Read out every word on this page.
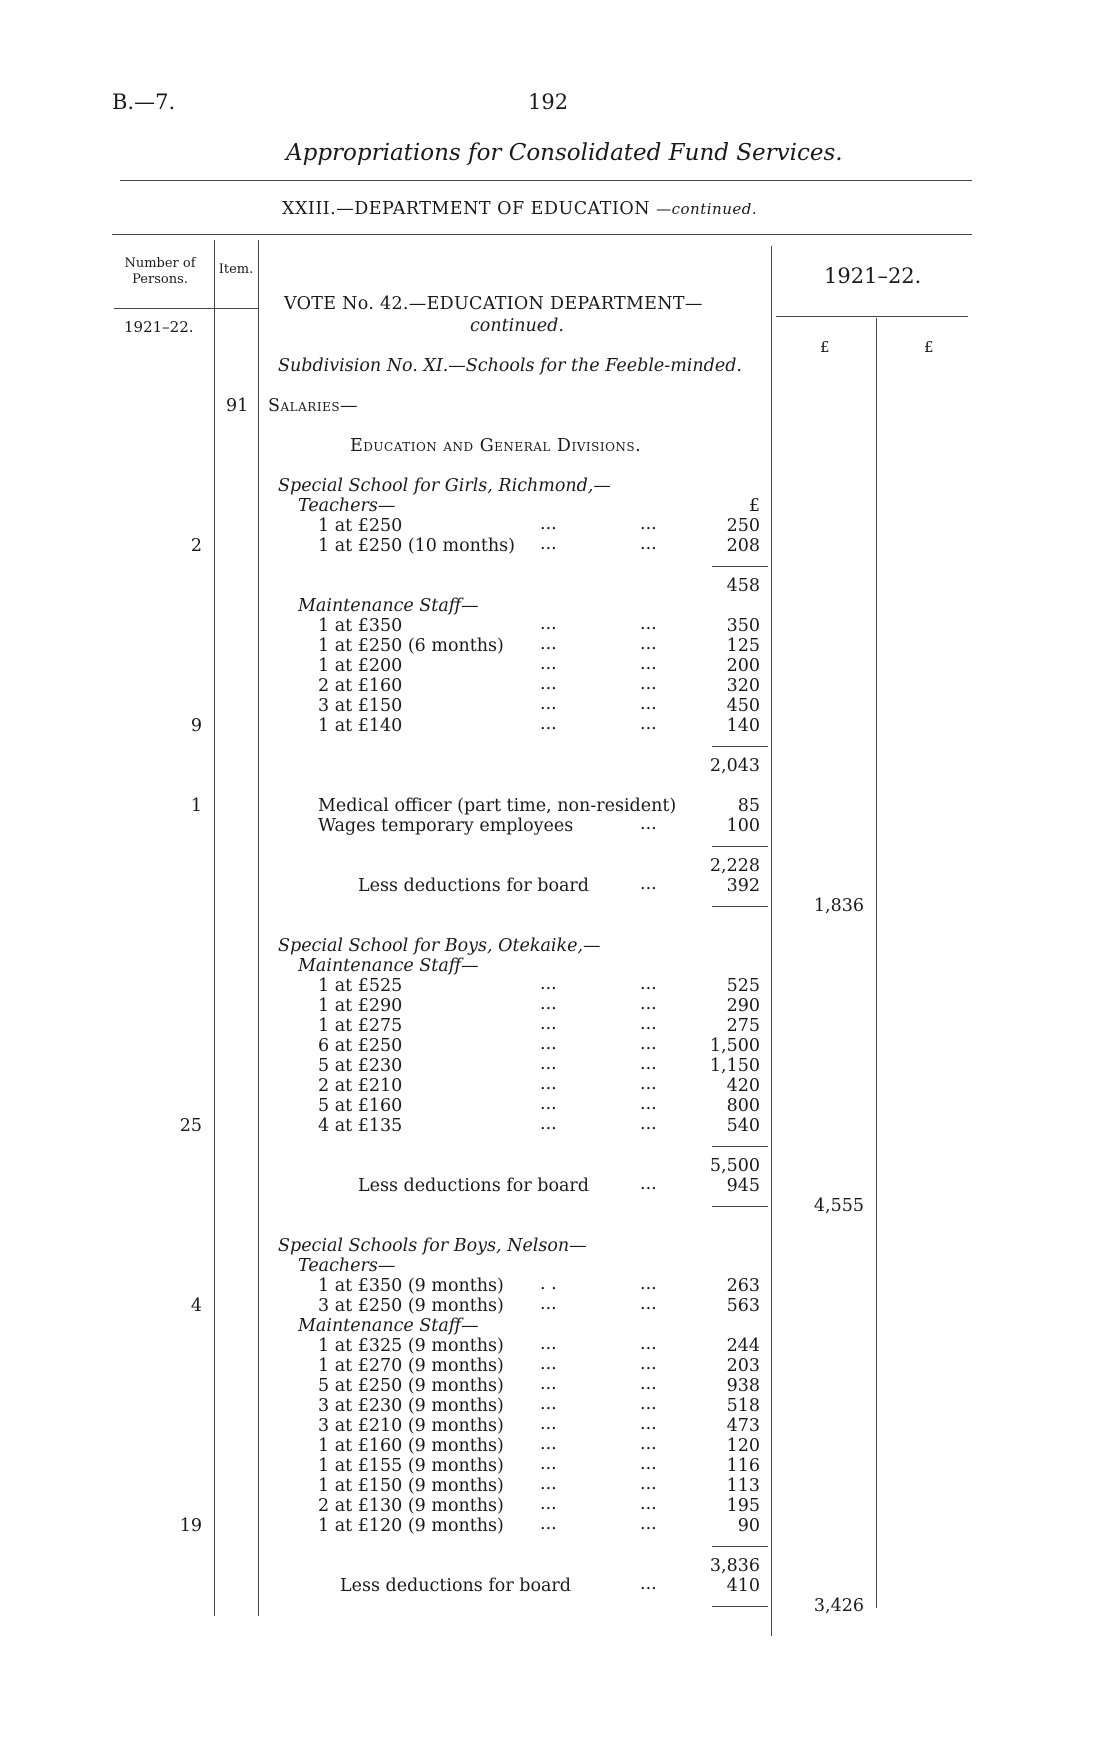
B.—7.	192
Appropriations for Consolidated Fund Services.
XXIII.—DEPARTMENT OF EDUCATION —continued.
Number of Persons.
Item.
1921–22.
1921–22.
£	£
VOTE No. 42.—EDUCATION DEPARTMENT—
continued.
Subdivision No. XI.—Schools for the Feeble-minded.
91 Salaries—
Education and General Divisions.
Special School for Girls, Richmond,—
Teachers—	£
1 at £250	...	...	250
2	1 at £250 (10 months) ...	...	208
458
Maintenance Staff—
1 at £350	...	...	350
1 at £250 (6 months) ...	...	125
1 at £200	...	...	200
2 at £160	...	...	320
3 at £150	...	...	450
9	1 at £140	...	...	140
2,043
1	Medical officer (part time, non-resident)	85
Wages temporary employees	...	100
2,228
Less deductions for board	...	392
1,836
Special School for Boys, Otekaike,—
Maintenance Staff—
1 at £525	...	...	525
1 at £290	...	...	290
1 at £275	...	...	275
6 at £250	...	...	1,500
5 at £230	...	...	1,150
2 at £210	...	...	420
5 at £160	...	...	800
25	4 at £135	...	...	540
5,500
Less deductions for board	...	945
4,555
Special Schools for Boys, Nelson—
Teachers—
1 at £350 (9 months) . .	...	263
4	3 at £250 (9 months) ...	...	563
Maintenance Staff—
1 at £325 (9 months) ...	...	244
1 at £270 (9 months) ...	...	203
5 at £250 (9 months) ...	...	938
3 at £230 (9 months) ...	...	518
3 at £210 (9 months) ...	...	473
1 at £160 (9 months) ...	...	120
1 at £155 (9 months) ...	...	116
1 at £150 (9 months) ...	...	113
2 at £130 (9 months) ...	...	195
19	1 at £120 (9 months) ...	...	90
3,836
Less deductions for board	...	410
3,426
